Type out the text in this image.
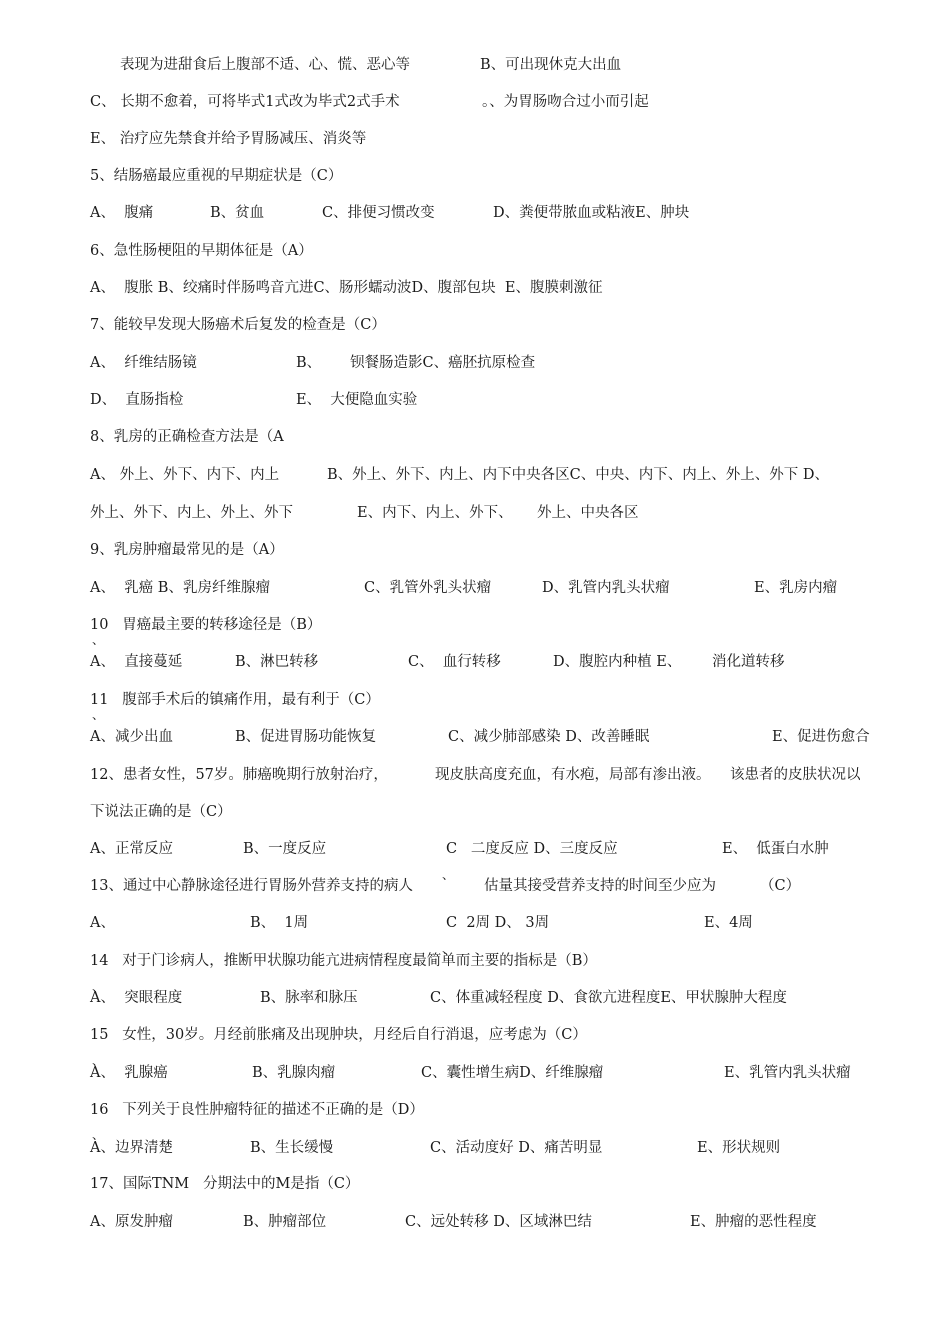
表现为进甜食后上腹部不适、心、慌、恶心等	B、可出现休克大出血
C、 长期不愈着，可将毕式1式改为毕式2式手术	。、为胃肠吻合过小而引起
E、 治疗应先禁食并给予胃肠减压、消炎等
5、结肠癌最应重视的早期症状是（C）
A、  腹痛	B、贫血	C、排便习惯改变	D、粪便带脓血或粘液E、肿块
6、急性肠梗阻的早期体征是（A）
A、  腹胀 B、绞痛时伴肠鸣音亢进C、肠形蠕动波D、腹部包块  E、腹膜刺激征
7、能较早发现大肠癌术后复发的检查是（C）
A、  纤维结肠镜	B、 钡餐肠造影C、癌胚抗原检查
D、  直肠指检	E、  大便隐血实验
8、乳房的正确检查方法是（A
A、 外上、外下、内下、内上	B、外上、外下、内上、内下中央各区C、中央、内下、内上、外上、外下 D、
外上、外下、内上、外上、外下	E、内下、内上、外下、 外上、中央各区
9、乳房肿瘤最常见的是（A）
A、  乳癌 B、乳房纤维腺瘤	C、乳管外乳头状瘤	D、乳管内乳头状瘤	E、乳房内瘤
10   胃癌最主要的转移途径是（B）
A、  直接蔓延	B、淋巴转移	C、  血行转移	D、腹腔内种植 E、 消化道转移
11   腹部手术后的镇痛作用，最有利于（C）
A、减少出血	B、促进胃肠功能恢复	C、减少肺部感染 D、改善睡眠	E、促进伤愈合
12、患者女性，57岁。肺癌晚期行放射治疗，	现皮肤高度充血，有水疱，局部有渗出液。 该患者的皮肤状况以
下说法正确的是（C）
A、正常反应	B、一度反应	C   二度反应 D、三度反应	E、  低蛋白水肿
13、通过中心静脉途径进行胃肠外营养支持的病人	估量其接受营养支持的时间至少应为	（C）
A、	B、  1周	C  2周 D、 3周	E、4周
14   对于门诊病人，推断甲状腺功能亢进病情程度最简单而主要的指标是（B）
A、  突眼程度	B、脉率和脉压	C、体重减轻程度 D、食欲亢进程度E、甲状腺肿大程度
15   女性，30岁。月经前胀痛及出现肿块，月经后自行消退，应考虑为（C）
A、  乳腺癌	B、乳腺肉瘤	C、囊性增生病D、纤维腺瘤	E、乳管内乳头状瘤
16   下列关于良性肿瘤特征的描述不正确的是（D）
A、边界清楚	B、生长缓慢	C、活动度好 D、痛苦明显	E、形状规则
17、国际TNM   分期法中的M是指（C）
A、原发肿瘤	B、肿瘤部位	C、远处转移 D、区域淋巴结	E、肿瘤的恶性程度
、
、
、
、
、
、
、
